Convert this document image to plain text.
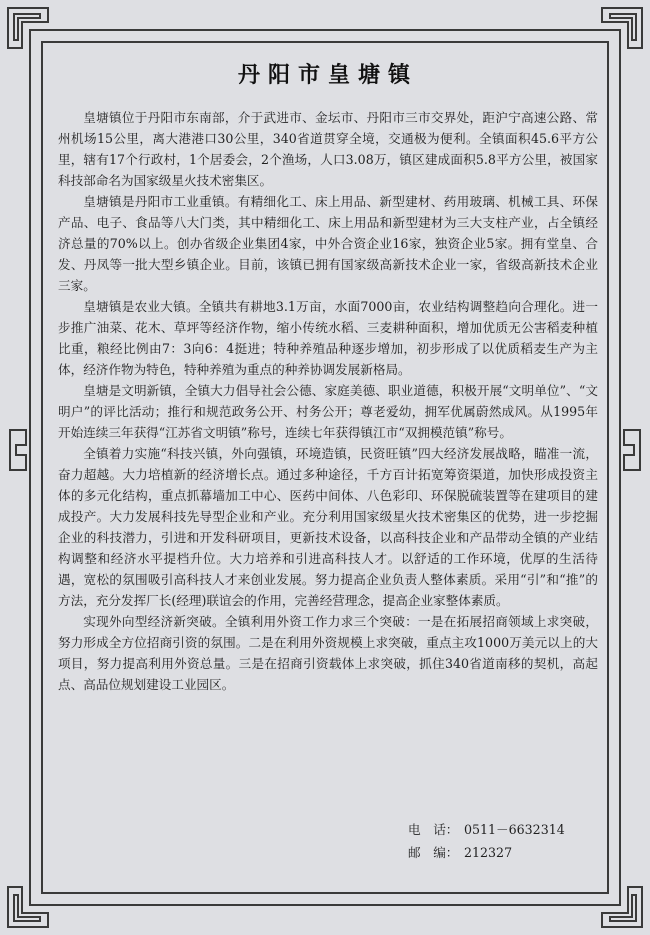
丹阳市皇塘镇

皇塘镇位于丹阳市东南部，介于武进市、金坛市、丹阳市三市交界处，距沪宁高速公路、常州机场15公里，离大港港口30公里，340省道贯穿全境，交通极为便利。全镇面积45.6平方公里，辖有17个行政村，1个居委会，2个渔场，人口3.08万，镇区建成面积5.8平方公里，被国家科技部命名为国家级星火技术密集区。

皇塘镇是丹阳市工业重镇。有精细化工、床上用品、新型建材、药用玻璃、机械工具、环保产品、电子、食品等八大门类，其中精细化工、床上用品和新型建材为三大支柱产业，占全镇经济总量的70%以上。创办省级企业集团4家，中外合资企业16家，独资企业5家。拥有堂皇、合发、丹凤等一批大型乡镇企业。目前，该镇已拥有国家级高新技术企业一家，省级高新技术企业三家。

皇塘镇是农业大镇。全镇共有耕地3.1万亩，水面7000亩，农业结构调整趋向合理化。进一步推广油菜、花木、草坪等经济作物，缩小传统水稻、三麦耕种面积，增加优质无公害稻麦种植比重，粮经比例由7：3向6：4挺进；特种养殖品种逐步增加，初步形成了以优质稻麦生产为主体，经济作物为特色，特种养殖为重点的种养协调发展新格局。

皇塘是文明新镇，全镇大力倡导社会公德、家庭美德、职业道德，积极开展“文明单位”、“文明户”的评比活动；推行和规范政务公开、村务公开；尊老爱幼，拥军优属蔚然成风。从1995年开始连续三年获得“江苏省文明镇”称号，连续七年获得镇江市“双拥模范镇”称号。

全镇着力实施“科技兴镇，外向强镇，环境造镇，民资旺镇”四大经济发展战略，瞄准一流，奋力超越。大力培植新的经济增长点。通过多种途径，千方百计拓宽筹资渠道，加快形成投资主体的多元化结构，重点抓幕墙加工中心、医药中间体、八色彩印、环保脱硫装置等在建项目的建成投产。大力发展科技先导型企业和产业。充分利用国家级星火技术密集区的优势，进一步挖掘企业的科技潜力，引进和开发科研项目，更新技术设备，以高科技企业和产品带动全镇的产业结构调整和经济水平提档升位。大力培养和引进高科技人才。以舒适的工作环境，优厚的生活待遇，宽松的氛围吸引高科技人才来创业发展。努力提高企业负责人整体素质。采用“引”和“推”的方法，充分发挥厂长(经理)联谊会的作用，完善经营理念，提高企业家整体素质。

实现外向型经济新突破。全镇利用外资工作力求三个突破：一是在拓展招商领域上求突破，努力形成全方位招商引资的氛围。二是在利用外资规模上求突破，重点主攻1000万美元以上的大项目，努力提高利用外资总量。三是在招商引资载体上求突破，抓住340省道南移的契机，高起点、高品位规划建设工业园区。

电　话： 0511－6632314
邮　编： 212327
